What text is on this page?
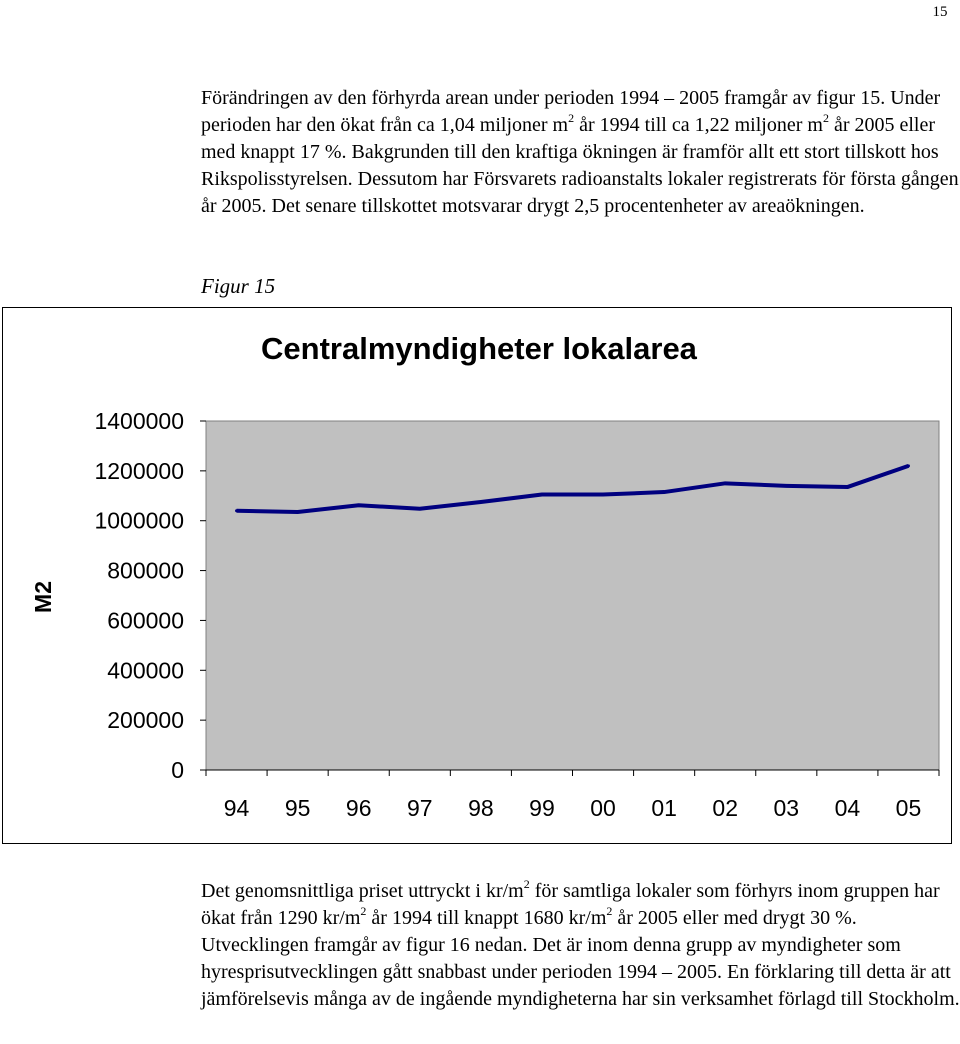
15

Förändringen av den förhyrda arean under perioden 1994 – 2005 framgår av figur 15. Under perioden har den ökat från ca 1,04 miljoner $m^2$ år 1994 till ca 1,22 miljoner $m^2$ år 2005 eller med knappt 17 %. Bakgrunden till den kraftiga ökningen är framför allt ett stort tillskott hos Rikspolisstyrelsen. Dessutom har Försvarets radioanstalts lokaler registrerats för första gången år 2005. Det senare tillskottet motsvarar drygt 2,5 procentenheter av areaökningen.

Figur 15

Centralmyndigheter lokalarea
M2
0
200000
400000
600000
800000
1000000
1200000
1400000
94 95 96 97 98 99 00 01 02 03 04 05

Det genomsnittliga priset uttryckt i $kr/m^2$ för samtliga lokaler som förhyrs inom gruppen har ökat från 1290 $kr/m^2$ år 1994 till knappt 1680 $kr/m^2$ år 2005 eller med drygt 30 %. Utvecklingen framgår av figur 16 nedan. Det är inom denna grupp av myndigheter som hyresprisutvecklingen gått snabbast under perioden 1994 – 2005. En förklaring till detta är att jämförelsevis många av de ingående myndigheterna har sin verksamhet förlagd till Stockholm.
